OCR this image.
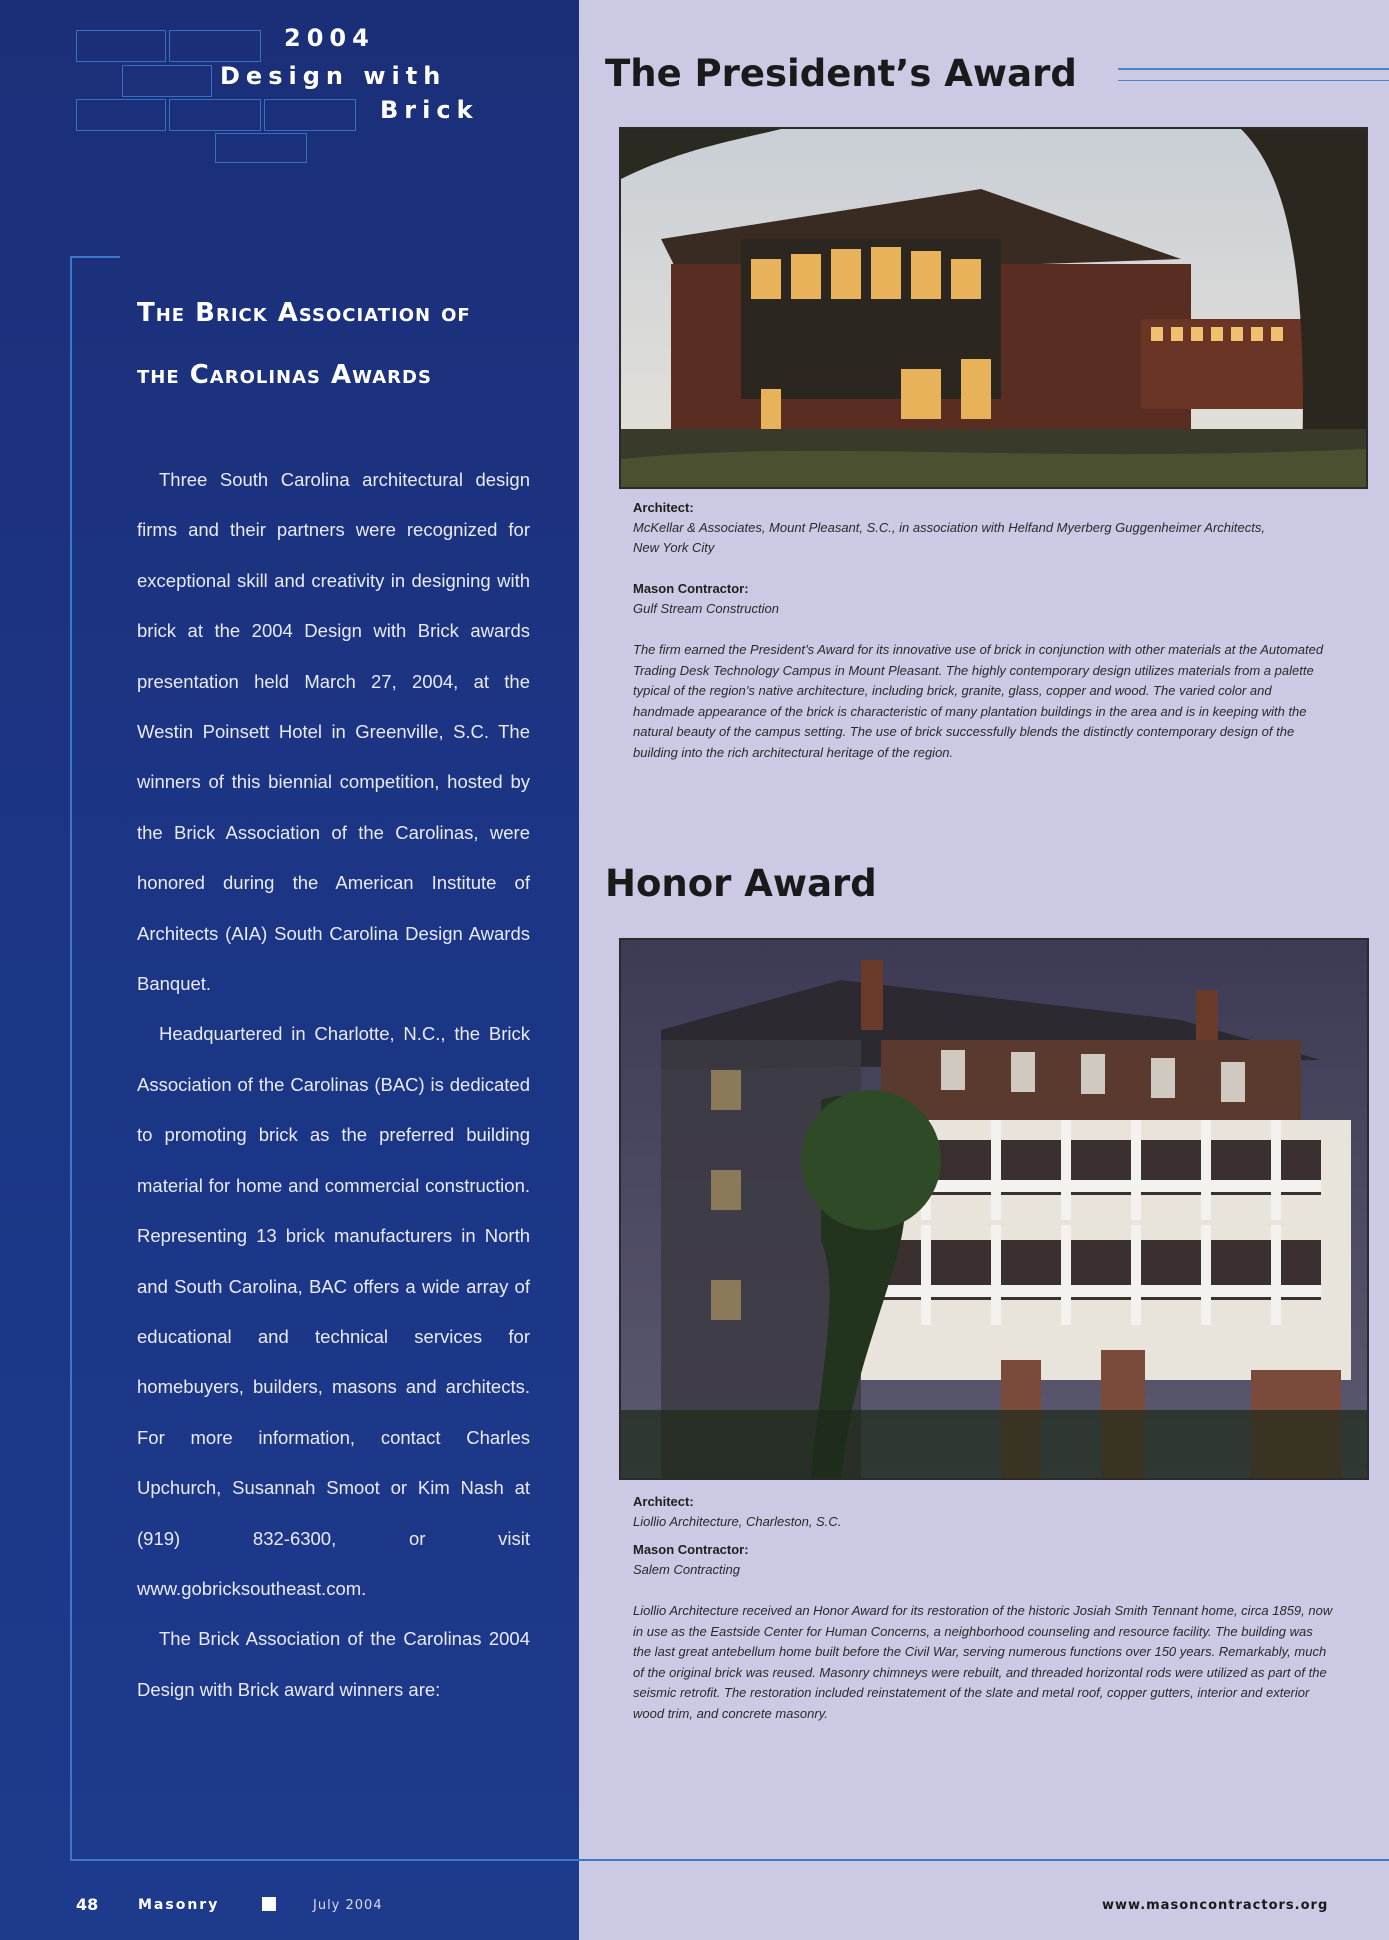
2004
Design with
Brick
The Brick Association of
the Carolinas Awards

Three South Carolina architectural design firms and their partners were recognized for exceptional skill and creativity in designing with brick at the 2004 Design with Brick awards presentation held March 27, 2004, at the Westin Poinsett Hotel in Greenville, S.C. The winners of this biennial competition, hosted by the Brick Association of the Carolinas, were honored during the American Institute of Architects (AIA) South Carolina Design Awards Banquet.

Headquartered in Charlotte, N.C., the Brick Association of the Carolinas (BAC) is dedicated to promoting brick as the preferred building material for home and commercial construction. Representing 13 brick manufacturers in North and South Carolina, BAC offers a wide array of educational and technical services for homebuyers, builders, masons and architects. For more information, contact Charles Upchurch, Susannah Smoot or Kim Nash at (919) 832-6300, or visit www.gobricksoutheast.com.

The Brick Association of the Carolinas 2004 Design with Brick award winners are:

The President’s Award
Architect:
McKellar & Associates, Mount Pleasant, S.C., in association with Helfand Myerberg Guggenheimer Architects, New York City
Mason Contractor:
Gulf Stream Construction
The firm earned the President’s Award for its innovative use of brick in conjunction with other materials at the Automated Trading Desk Technology Campus in Mount Pleasant. The highly contemporary design utilizes materials from a palette typical of the region’s native architecture, including brick, granite, glass, copper and wood. The varied color and handmade appearance of the brick is characteristic of many plantation buildings in the area and is in keeping with the natural beauty of the campus setting. The use of brick successfully blends the distinctly contemporary design of the building into the rich architectural heritage of the region.
Honor Award
Architect:
Liollio Architecture, Charleston, S.C.
Mason Contractor:
Salem Contracting
Liollio Architecture received an Honor Award for its restoration of the historic Josiah Smith Tennant home, circa 1859, now in use as the Eastside Center for Human Concerns, a neighborhood counseling and resource facility. The building was the last great antebellum home built before the Civil War, serving numerous functions over 150 years. Remarkably, much of the original brick was reused. Masonry chimneys were rebuilt, and threaded horizontal rods were utilized as part of the seismic retrofit. The restoration included reinstatement of the slate and metal roof, copper gutters, interior and exterior wood trim, and concrete masonry.
48	Masonry	July 2004	www.masoncontractors.org
